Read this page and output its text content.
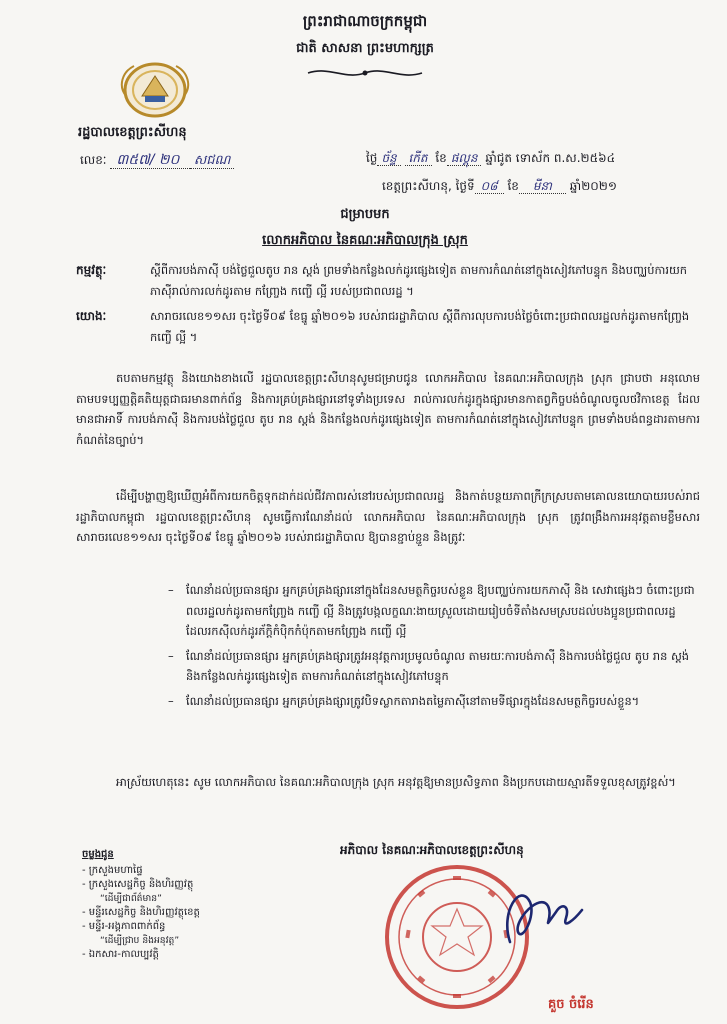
ព្រះរាជាណាចក្រកម្ពុជា
ជាតិ សាសនា ព្រះមហាក្សត្រ
រដ្ឋបាលខេត្តព្រះសីហនុ
លេខៈ ៣៥៧/ ២០ សជណ	ថ្ងៃ ច័ន្ទ កើត ខែ ផល្គុន ឆ្នាំជូត ទោស័ក ព.ស.២៥៦៤
ខេត្តព្រះសីហនុ, ថ្ងៃទី ០៨ ខែ មីនា ឆ្នាំ២០២១
ជម្រាបមក
លោកអភិបាល នៃគណៈអភិបាលក្រុង ស្រុក
កម្មវត្ថុៈ	ស្តីពីការបង់ភាស៊ី បង់ថ្លៃជួលតូប រាន ស្តង់ ព្រមទាំងកន្លែងលក់ដូរផ្សេងទៀត តាមការកំណត់នៅក្នុងសៀវភៅបន្ទុក និងបញ្ឈប់ការយកភាស៊ីរាល់ការលក់ដូរតាម កញ្ច្រែង កញ្ចើ ល្អី របស់ប្រជាពលរដ្ឋ ។
យោងៈ	សារាចរលេខ១១សរ ចុះថ្ងៃទី០៩ ខែធ្នូ ឆ្នាំ២០១៦ របស់រាជរដ្ឋាភិបាល ស្តីពីការលុបការបង់ថ្លៃចំពោះប្រជាពលរដ្ឋលក់ដូរតាមកញ្ច្រែង កញ្ចើ ល្អី ។
តបតាមកម្មវត្ថុ និងយោងខាងលើ រដ្ឋបាលខេត្តព្រះសីហនុសូមជម្រាបជូន លោកអភិបាល នៃគណៈអភិបាលក្រុង ស្រុក ជ្រាបថា អនុលោមតាមបទប្បញ្ញត្តិគតិយុត្តជាធរមានពាក់ព័ន្ធ និងការគ្រប់គ្រងផ្សារនៅទូទាំងប្រទេស រាល់ការលក់ដូរក្នុងផ្សារមានកាតព្វកិច្ចបង់ចំណូលចូលថវិកាខេត្ត ដែលមានជាអាទិ៍ ការបង់ភាស៊ី និងការបង់ថ្លៃជួល តូប រាន ស្តង់ និងកន្លែងលក់ដូរផ្សេងទៀត តាមការកំណត់នៅក្នុងសៀវភៅបន្ទុក ព្រមទាំងបង់ពន្ធដារតាមការកំណត់នៃច្បាប់។
ដើម្បីបង្ហាញឱ្យឃើញអំពីការយកចិត្តទុកដាក់ដល់ជីវភាពរស់នៅរបស់ប្រជាពលរដ្ឋ និងកាត់បន្ថយភាពក្រីក្រស្របតាមគោលនយោបាយរបស់រាជរដ្ឋាភិបាលកម្ពុជា រដ្ឋបាលខេត្តព្រះសីហនុ សូមធ្វើការណែនាំដល់ លោកអភិបាល នៃគណៈអភិបាលក្រុង ស្រុក ត្រូវពង្រឹងការអនុវត្តតាមខ្លឹមសារសារាចរលេខ១១សរ ចុះថ្ងៃទី០៩ ខែធ្នូ ឆ្នាំ២០១៦ របស់រាជរដ្ឋាភិបាល ឱ្យបានខ្ជាប់ខ្ជួន និងត្រូវៈ
–	ណែនាំដល់ប្រធានផ្សារ អ្នកគ្រប់គ្រងផ្សារនៅក្នុងដែនសមត្ថកិច្ចរបស់ខ្លួន ឱ្យបញ្ឈប់ការយកភាស៊ី និង សេវាផ្សេងៗ ចំពោះប្រជាពលរដ្ឋលក់ដូរតាមកញ្ច្រែង កញ្ចើ ល្អី និងត្រូវបង្កលក្ខណៈងាយស្រួលដោយរៀបចំទីតាំងសមស្របដល់បងប្អូនប្រជាពលរដ្ឋ ដែលរកស៊ីលក់ដូរភ័ក្ដិកំប៉ិកកំប៉ុកតាមកញ្ច្រែង កញ្ចើ ល្អី
–	ណែនាំដល់ប្រធានផ្សារ អ្នកគ្រប់គ្រងផ្សារត្រូវអនុវត្តការប្រមូលចំណូល តាមរយៈការបង់ភាស៊ី និងការបង់ថ្លៃជួល តូប រាន ស្តង់ និងកន្លែងលក់ដូរផ្សេងទៀត តាមការកំណត់នៅក្នុងសៀវភៅបន្ទុក
–	ណែនាំដល់ប្រធានផ្សារ អ្នកគ្រប់គ្រងផ្សារត្រូវបិទស្លាកតារាងតម្លៃភាស៊ីនៅតាមទីផ្សារក្នុងដែនសមត្ថកិច្ចរបស់ខ្លួន។
អាស្រ័យហេតុនេះ សូម លោកអភិបាល នៃគណៈអភិបាលក្រុង ស្រុក អនុវត្តឱ្យមានប្រសិទ្ធភាព និងប្រកបដោយស្មារតីទទួលខុសត្រូវខ្ពស់។
ចម្លងជូន
- ក្រសួងមហាផ្ទៃ
- ក្រសួងសេដ្ឋកិច្ច និងហិរញ្ញវត្ថុ
“ដើម្បីជាព័ត៌មាន”
- មន្ទីរសេដ្ឋកិច្ច និងហិរញ្ញវត្ថុខេត្ត
- មន្ទីរ-អង្គភាពពាក់ព័ន្ធ
“ដើម្បីជ្រាប និងអនុវត្ត”
- ឯកសារ-កាលប្បវត្តិ
អភិបាល នៃគណៈអភិបាលខេត្តព្រះសីហនុ
គួច ចំរើន
